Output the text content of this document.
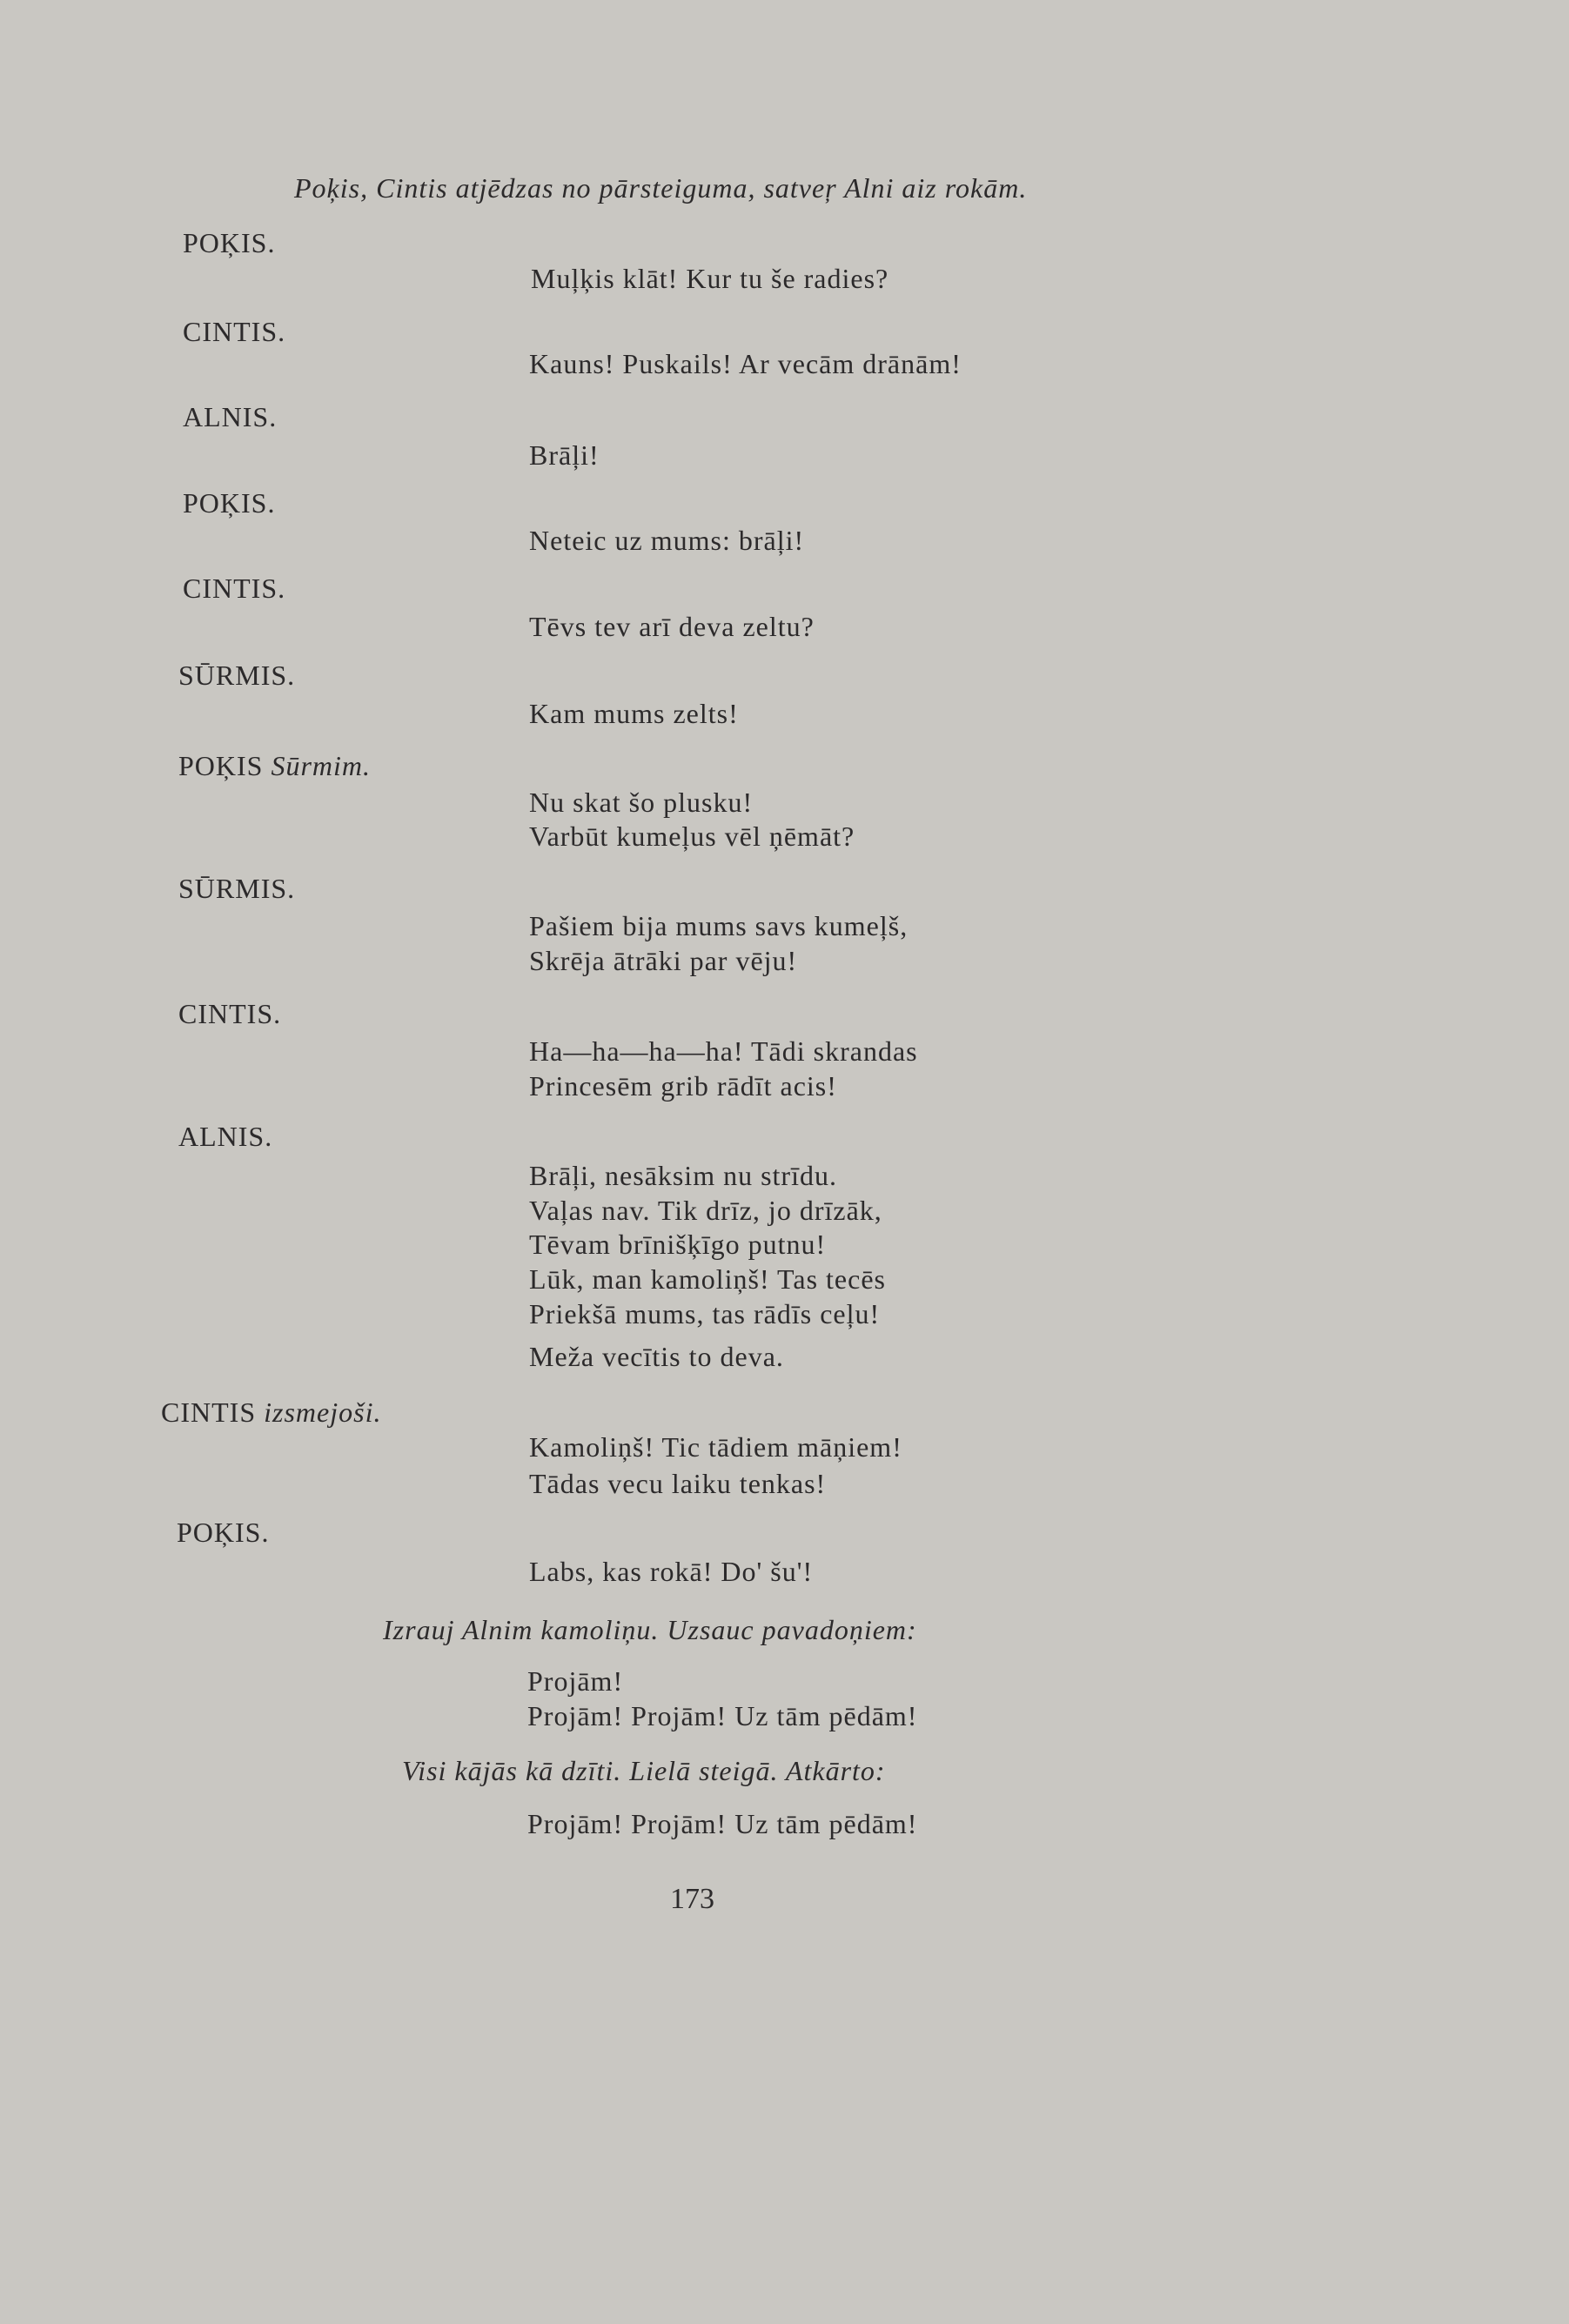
Poķis, Cintis atjēdzas no pārsteiguma, satveŗ Alni aiz rokām.
POĶIS.
Muļķis klāt! Kur tu še radies?
CINTIS.
Kauns! Puskails! Ar vecām drānām!
ALNIS.
Brāļi!
POĶIS.
Neteic uz mums: brāļi!
CINTIS.
Tēvs tev arī deva zeltu?
SŪRMIS.
Kam mums zelts!
POĶIS Sūrmim.
Nu skat šo plusku!
Varbūt kumeļus vēl ņēmāt?
SŪRMIS.
Pašiem bija mums savs kumeļš,
Skrēja ātrāki par vēju!
CINTIS.
Ha—ha—ha—ha! Tādi skrandas
Princesēm grib rādīt acis!
ALNIS.
Brāļi, nesāksim nu strīdu.
Vaļas nav. Tik drīz, jo drīzāk,
Tēvam brīnišķīgo putnu!
Lūk, man kamoliņš! Tas tecēs
Priekšā mums, tas rādīs ceļu!
Meža vecītis to deva.
CINTIS izsmejoši.
Kamoliņš! Tic tādiem māņiem!
Tādas vecu laiku tenkas!
POĶIS.
Labs, kas rokā! Do' šu'!
Izrauj Alnim kamoliņu. Uzsauc pavadoņiem:
Projām!
Projām! Projām! Uz tām pēdām!
Visi kājās kā dzīti. Lielā steigā. Atkārto:
Projām! Projām! Uz tām pēdām!
173
